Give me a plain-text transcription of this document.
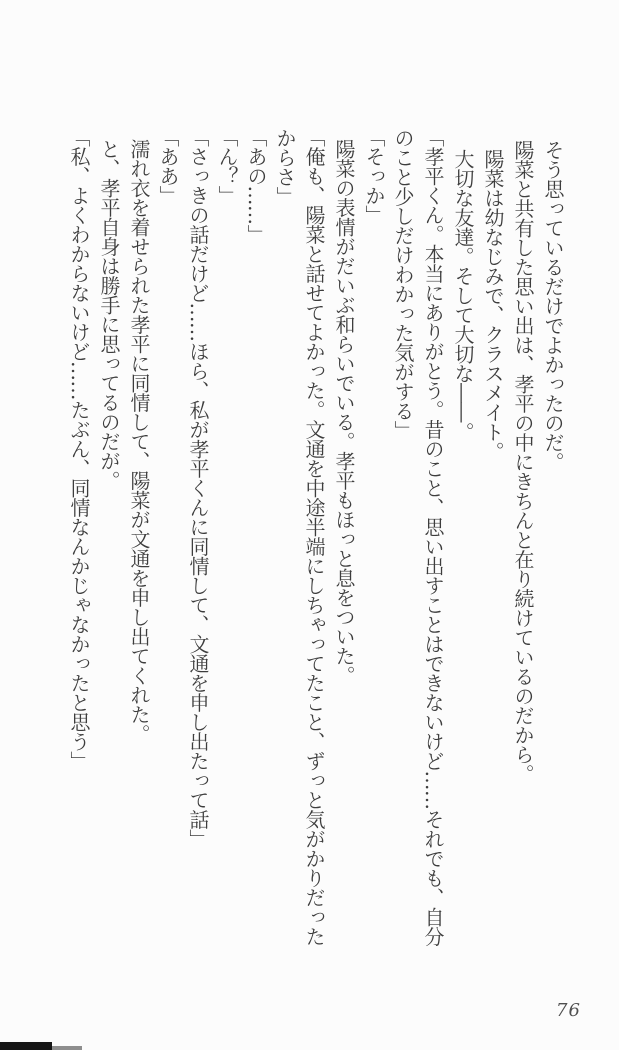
そう思っているだけでよかったのだ。
陽菜と共有した思い出は、孝平の中にきちんと在り続けているのだから。
陽菜は幼なじみで、クラスメイト。
大切な友達。そして大切な――。
「孝平くん。本当にありがとう。昔のこと、思い出すことはできないけど……それでも、自分
のこと少しだけわかった気がする」
「そっか」
陽菜の表情がだいぶ和らいでいる。孝平もほっと息をついた。
「俺も、陽菜と話せてよかった。文通を中途半端にしちゃってたこと、ずっと気がかりだった
からさ」
「あの……」
「ん？」
「さっきの話だけど……ほら、私が孝平くんに同情して、文通を申し出たって話」
「ああ」
濡れ衣を着せられた孝平に同情して、陽菜が文通を申し出てくれた。
と、孝平自身は勝手に思ってるのだが。
「私、よくわからないけど……たぶん、同情なんかじゃなかったと思う」
76
